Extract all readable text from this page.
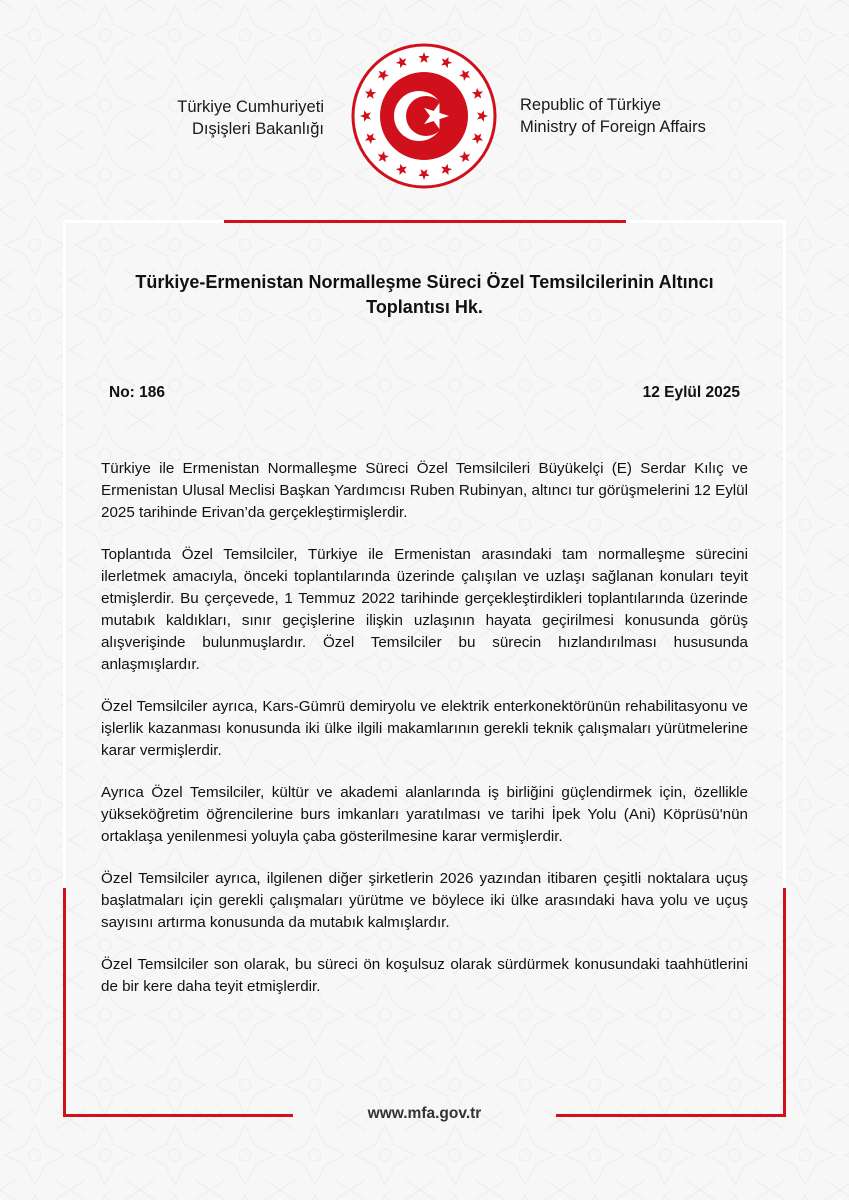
Türkiye Cumhuriyeti
Dışişleri Bakanlığı
Republic of Türkiye
Ministry of Foreign Affairs
Türkiye-Ermenistan Normalleşme Süreci Özel Temsilcilerinin Altıncı Toplantısı Hk.
No: 186	12 Eylül 2025

Türkiye ile Ermenistan Normalleşme Süreci Özel Temsilcileri Büyükelçi (E) Serdar Kılıç ve Ermenistan Ulusal Meclisi Başkan Yardımcısı Ruben Rubinyan, altıncı tur görüşmelerini 12 Eylül 2025 tarihinde Erivan’da gerçekleştirmişlerdir.

Toplantıda Özel Temsilciler, Türkiye ile Ermenistan arasındaki tam normalleşme sürecini ilerletmek amacıyla, önceki toplantılarında üzerinde çalışılan ve uzlaşı sağlanan konuları teyit etmişlerdir. Bu çerçevede, 1 Temmuz 2022 tarihinde gerçekleştirdikleri toplantılarında üzerinde mutabık kaldıkları, sınır geçişlerine ilişkin uzlaşının hayata geçirilmesi konusunda görüş alışverişinde bulunmuşlardır. Özel Temsilciler bu sürecin hızlandırılması hususunda anlaşmışlardır.

Özel Temsilciler ayrıca, Kars-Gümrü demiryolu ve elektrik enterkonektörünün rehabilitasyonu ve işlerlik kazanması konusunda iki ülke ilgili makamlarının gerekli teknik çalışmaları yürütmelerine karar vermişlerdir.

Ayrıca Özel Temsilciler, kültür ve akademi alanlarında iş birliğini güçlendirmek için, özellikle yükseköğretim öğrencilerine burs imkanları yaratılması ve tarihi İpek Yolu (Ani) Köprüsü'nün ortaklaşa yenilenmesi yoluyla çaba gösterilmesine karar vermişlerdir.

Özel Temsilciler ayrıca, ilgilenen diğer şirketlerin 2026 yazından itibaren çeşitli noktalara uçuş başlatmaları için gerekli çalışmaları yürütme ve böylece iki ülke arasındaki hava yolu ve uçuş sayısını artırma konusunda da mutabık kalmışlardır.

Özel Temsilciler son olarak, bu süreci ön koşulsuz olarak sürdürmek konusundaki taahhütlerini de bir kere daha teyit etmişlerdir.

www.mfa.gov.tr
